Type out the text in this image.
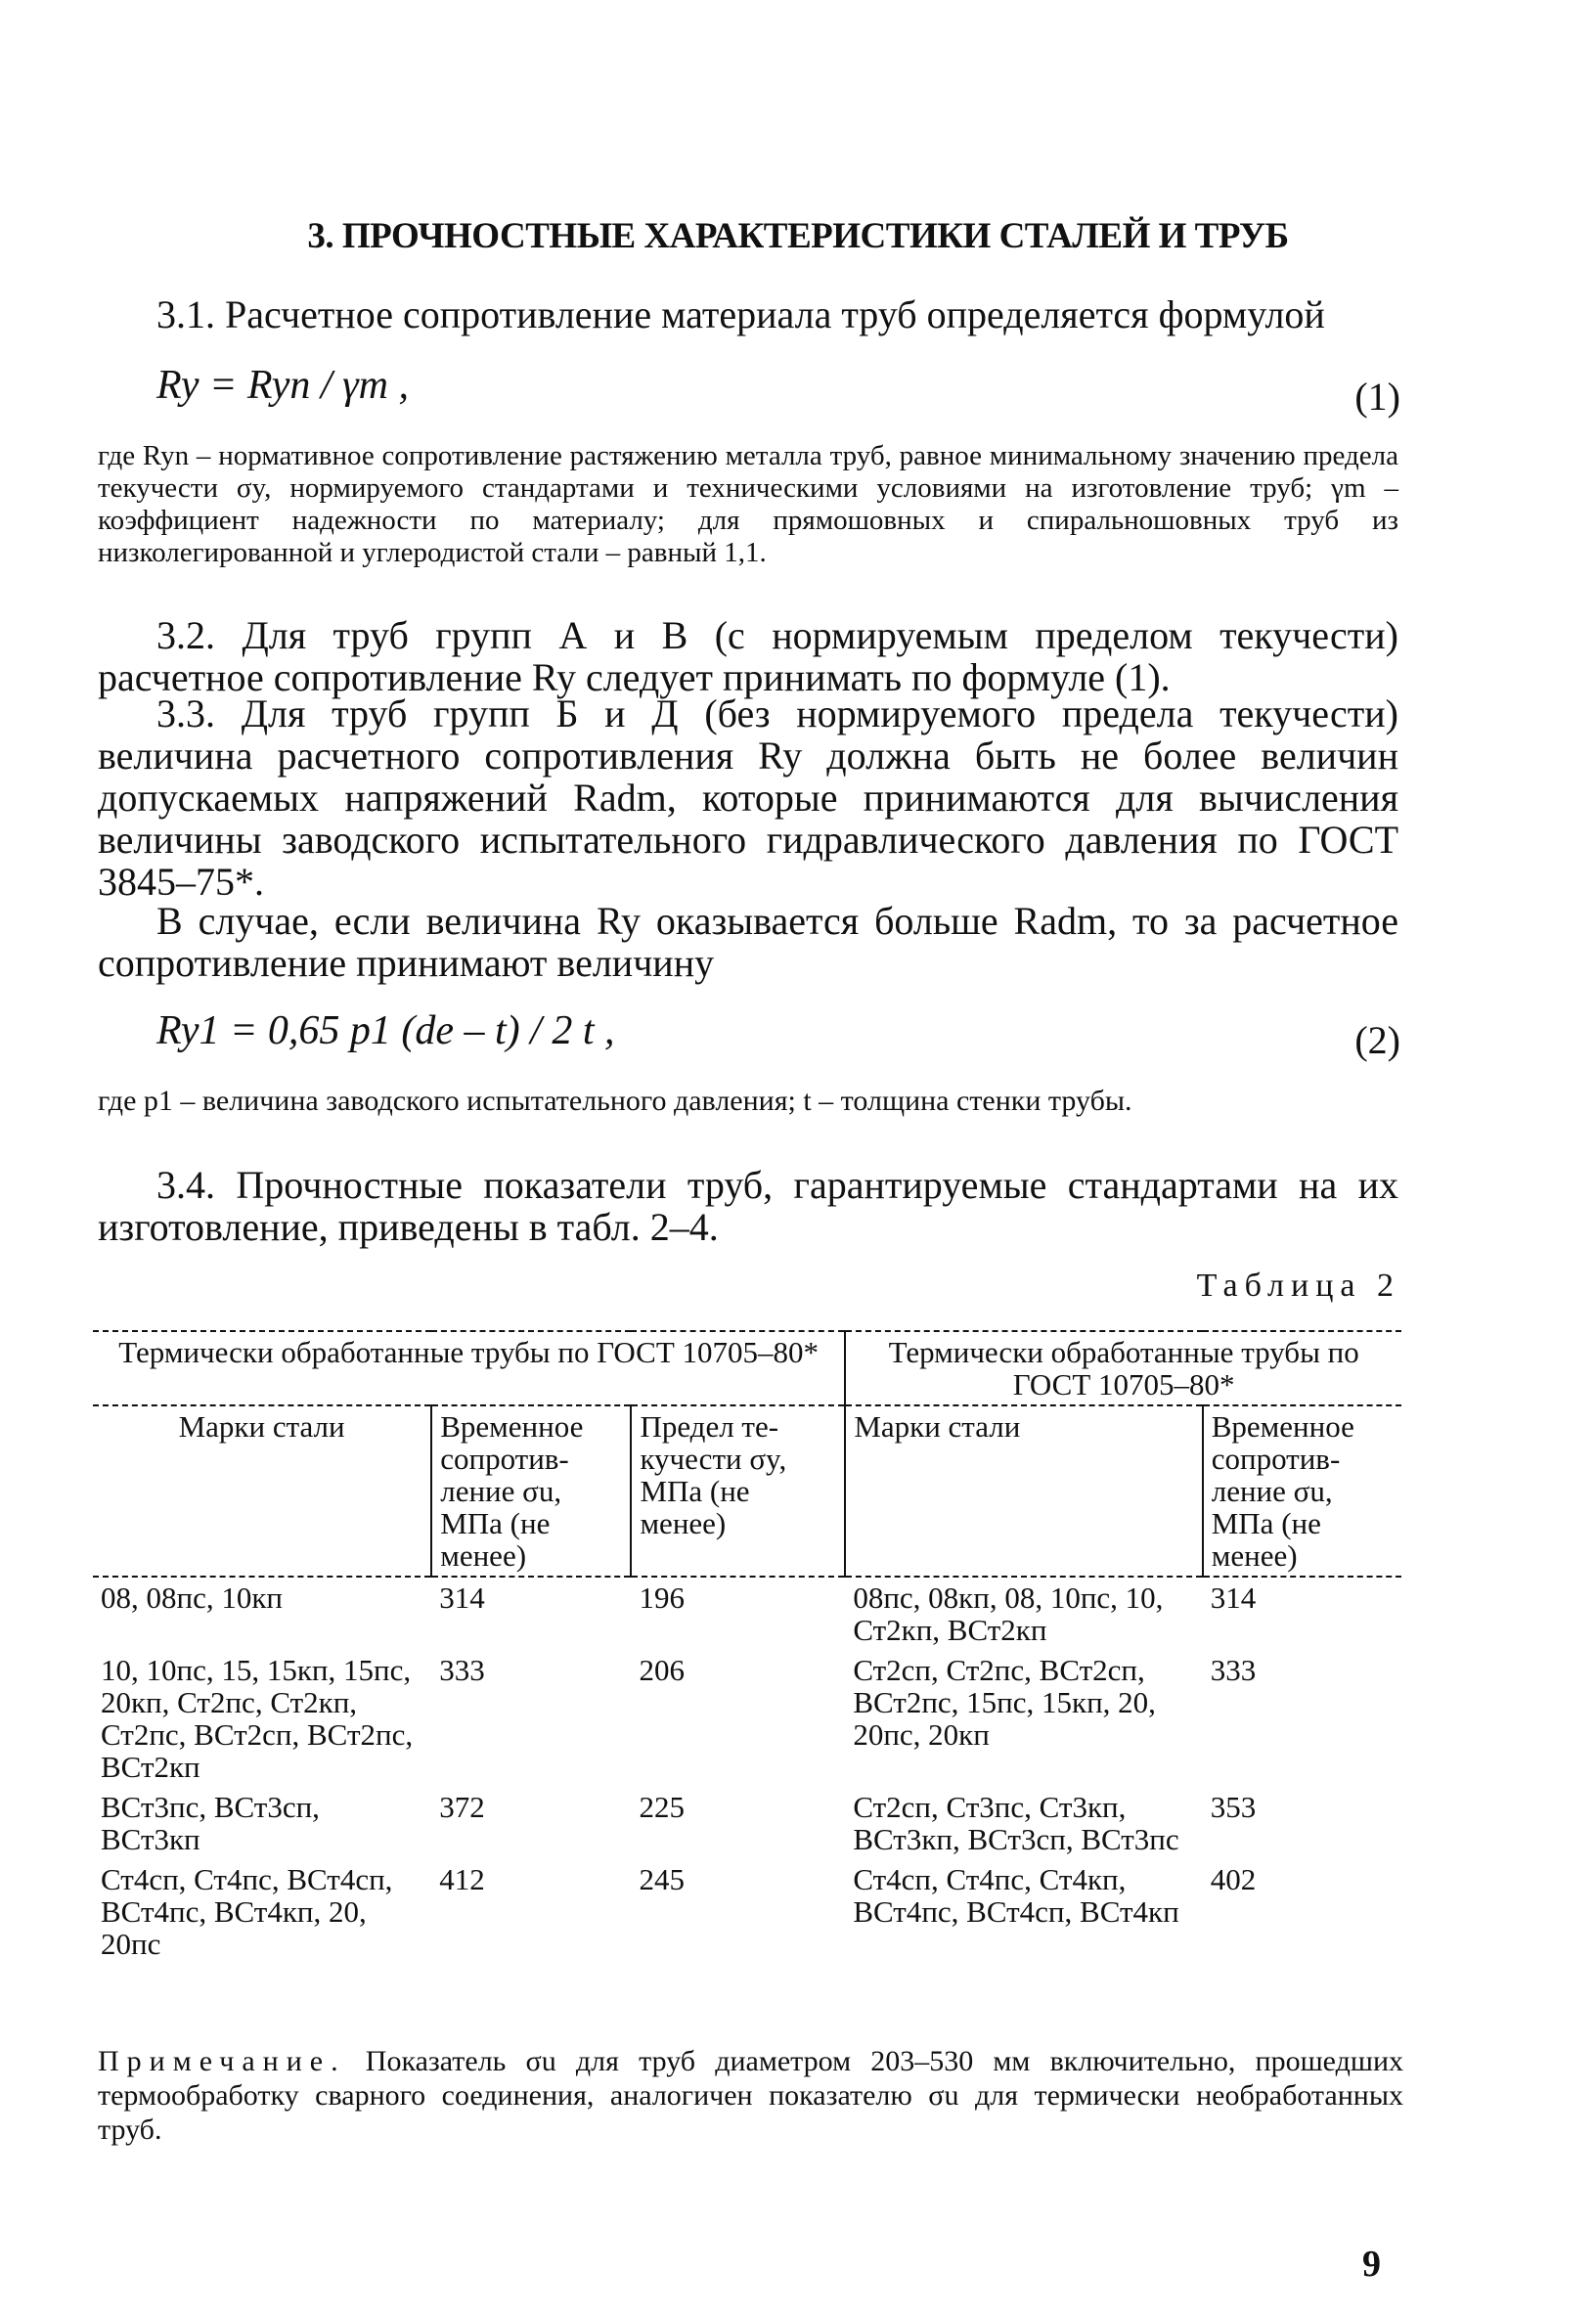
3. ПРОЧНОСТНЫЕ ХАРАКТЕРИСТИКИ СТАЛЕЙ И ТРУБ
3.1. Расчетное сопротивление материала труб определяется формулой
Ry = Ryn / γm ,	(1)
где Ryn – нормативное сопротивление растяжению металла труб, равное минимальному значению предела текучести σy, нормируемого стандартами и техническими условиями на изготовление труб; γm – коэффициент надежности по материалу; для прямошовных и спиральношовных труб из низколегированной и углеродистой стали – равный 1,1.
3.2. Для труб групп А и В (с нормируемым пределом текучести) расчетное сопротивление Ry следует принимать по формуле (1).
3.3. Для труб групп Б и Д (без нормируемого предела текучести) величина расчетного сопротивления Ry должна быть не более величин допускаемых напряжений Radm, которые принимаются для вычисления величины заводского испытательного гидравлического давления по ГОСТ 3845–75*.
В случае, если величина Ry оказывается больше Radm, то за расчетное сопротивление принимают величину
Ry1 = 0,65 p1 (de – t) / 2 t ,	(2)
где p1 – величина заводского испытательного давления; t – толщина стенки трубы.
3.4. Прочностные показатели труб, гарантируемые стандартами на их изготовление, приведены в табл. 2–4.
Таблица 2
Термически обработанные трубы по ГОСТ 10705–80*			Термически обработанные трубы по ГОСТ 10705–80*	
Марки стали	Временное сопротив-ление σu, МПа (не менее)	Предел те-кучести σy, МПа (не менее)	Марки стали	Временное сопротив-ление σu, МПа (не менее)
08, 08пс, 10кп	314	196	08пс, 08кп, 08, 10пс, 10, Ст2кп, ВСт2кп	314
10, 10пс, 15, 15кп, 15пс, 20кп, Ст2пс, Ст2кп, Ст2пс, ВСт2сп, ВСт2пс, ВСт2кп	333	206	Ст2сп, Ст2пс, ВСт2сп, ВСт2пс, 15пс, 15кп, 20, 20пс, 20кп	333
ВСт3пс, ВСт3сп, ВСт3кп	372	225	Ст2сп, Ст3пс, Ст3кп, ВСт3кп, ВСт3сп, ВСт3пс	353
Ст4сп, Ст4пс, ВСт4сп, ВСт4пс, ВСт4кп, 20, 20пс	412	245	Ст4сп, Ст4пс, Ст4кп, ВСт4пс, ВСт4сп, ВСт4кп	402
Примечание. Показатель σu для труб диаметром 203–530 мм включительно, прошедших термообработку сварного соединения, аналогичен показателю σu для термически необработанных труб.
9
